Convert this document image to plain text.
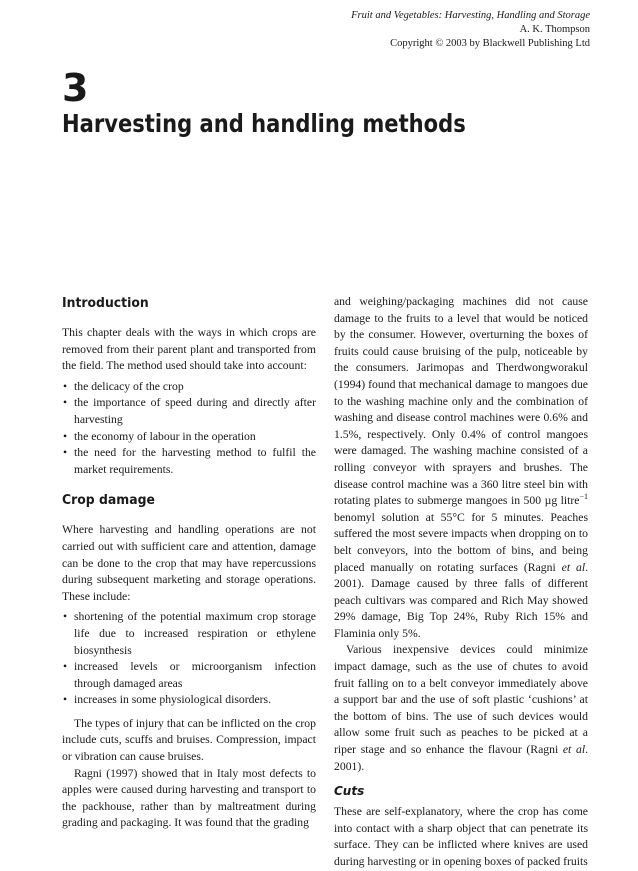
Fruit and Vegetables: Harvesting, Handling and Storage
A. K. Thompson
Copyright © 2003 by Blackwell Publishing Ltd
3
Harvesting and handling methods
Introduction

This chapter deals with the ways in which crops are removed from their parent plant and transported from the field. The method used should take into account:

• the delicacy of the crop
• the importance of speed during and directly after harvesting
• the economy of labour in the operation
• the need for the harvesting method to fulfil the market requirements.
Crop damage

Where harvesting and handling operations are not carried out with sufficient care and attention, damage can be done to the crop that may have repercussions during subsequent marketing and storage operations. These include:

• shortening of the potential maximum crop storage life due to increased respiration or ethylene biosynthesis
• increased levels or microorganism infection through damaged areas
• increases in some physiological disorders.

The types of injury that can be inflicted on the crop include cuts, scuffs and bruises. Compression, impact or vibration can cause bruises.

Ragni (1997) showed that in Italy most defects to apples were caused during harvesting and transport to the packhouse, rather than by maltreatment during grading and packaging. It was found that the grading

and weighing/packaging machines did not cause damage to the fruits to a level that would be noticed by the consumer. However, overturning the boxes of fruits could cause bruising of the pulp, noticeable by the consumers. Jarimopas and Therdwongworakul (1994) found that mechanical damage to mangoes due to the washing machine only and the combination of washing and disease control machines were 0.6% and 1.5%, respectively. Only 0.4% of control mangoes were damaged. The washing machine consisted of a rolling conveyor with sprayers and brushes. The disease control machine was a 360 litre steel bin with rotating plates to submerge mangoes in 500 µg litre$^{-1}$ benomyl solution at 55°C for 5 minutes. Peaches suffered the most severe impacts when dropping on to belt conveyors, into the bottom of bins, and being placed manually on rotating surfaces (Ragni et al. 2001). Damage caused by three falls of different peach cultivars was compared and Rich May showed 29% damage, Big Top 24%, Ruby Rich 15% and Flaminia only 5%.

Various inexpensive devices could minimize impact damage, such as the use of chutes to avoid fruit falling on to a belt conveyor immediately above a support bar and the use of soft plastic ‘cushions’ at the bottom of bins. The use of such devices would allow some fruit such as peaches to be picked at a riper stage and so enhance the flavour (Ragni et al. 2001).

Cuts

These are self-explanatory, where the crop has come into contact with a sharp object that can penetrate its surface. They can be inflicted where knives are used during harvesting or in opening boxes of packed fruits
